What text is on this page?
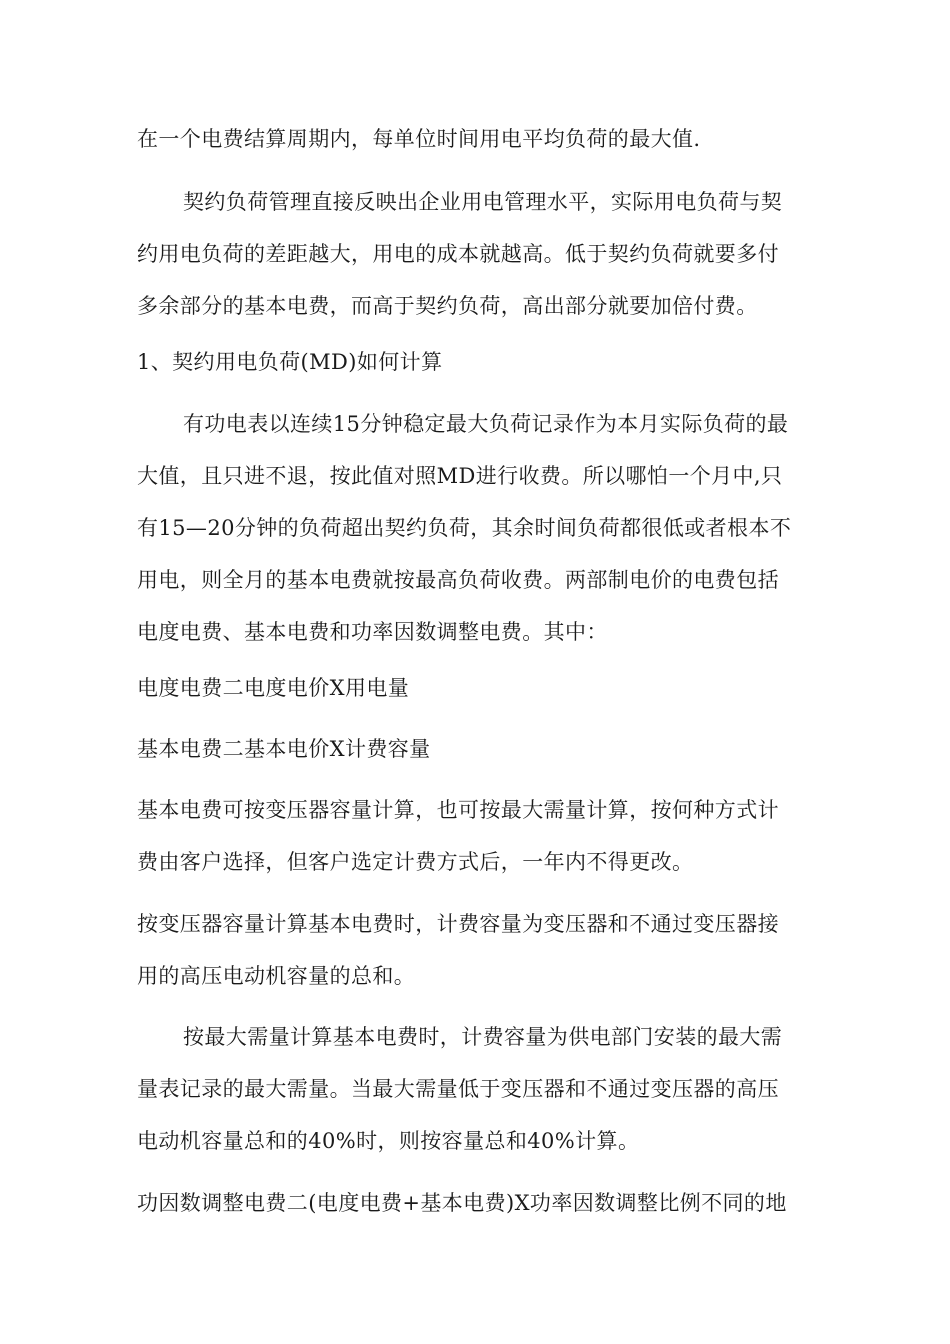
在一个电费结算周期内，每单位时间用电平均负荷的最大值.
契约负荷管理直接反映出企业用电管理水平，实际用电负荷与契
约用电负荷的差距越大，用电的成本就越高。低于契约负荷就要多付
多余部分的基本电费，而高于契约负荷，高出部分就要加倍付费。
1、契约用电负荷(MD)如何计算
有功电表以连续15分钟稳定最大负荷记录作为本月实际负荷的最
大值，且只进不退，按此值对照MD进行收费。所以哪怕一个月中,只
有15—20分钟的负荷超出契约负荷，其余时间负荷都很低或者根本不
用电，则全月的基本电费就按最高负荷收费。两部制电价的电费包括
电度电费、基本电费和功率因数调整电费。其中：
电度电费二电度电价X用电量
基本电费二基本电价X计费容量
基本电费可按变压器容量计算，也可按最大需量计算，按何种方式计
费由客户选择，但客户选定计费方式后，一年内不得更改。
按变压器容量计算基本电费时，计费容量为变压器和不通过变压器接
用的高压电动机容量的总和。
按最大需量计算基本电费时，计费容量为供电部门安装的最大需
量表记录的最大需量。当最大需量低于变压器和不通过变压器的高压
电动机容量总和的40%时，则按容量总和40%计算。
功因数调整电费二(电度电费+基本电费)X功率因数调整比例不同的地
